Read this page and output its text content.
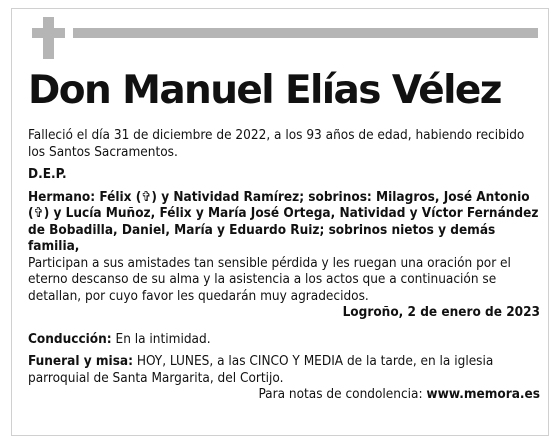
Don Manuel Elías Vélez

Falleció el día 31 de diciembre de 2022, a los 93 años de edad, habiendo recibido los Santos Sacramentos.

D.E.P.

Hermano: Félix (✞) y Natividad Ramírez; sobrinos: Milagros, José Antonio (✞) y Lucía Muñoz, Félix y María José Ortega, Natividad y Víctor Fernández de Bobadilla, Daniel, María y Eduardo Ruiz; sobrinos nietos y demás familia,

Participan a sus amistades tan sensible pérdida y les ruegan una oración por el eterno descanso de su alma y la asistencia a los actos que a continuación se detallan, por cuyo favor les quedarán muy agradecidos.

Logroño, 2 de enero de 2023

Conducción: En la intimidad.

Funeral y misa: HOY, LUNES, a las CINCO Y MEDIA de la tarde, en la iglesia parroquial de Santa Margarita, del Cortijo.

Para notas de condolencia: www.memora.es
